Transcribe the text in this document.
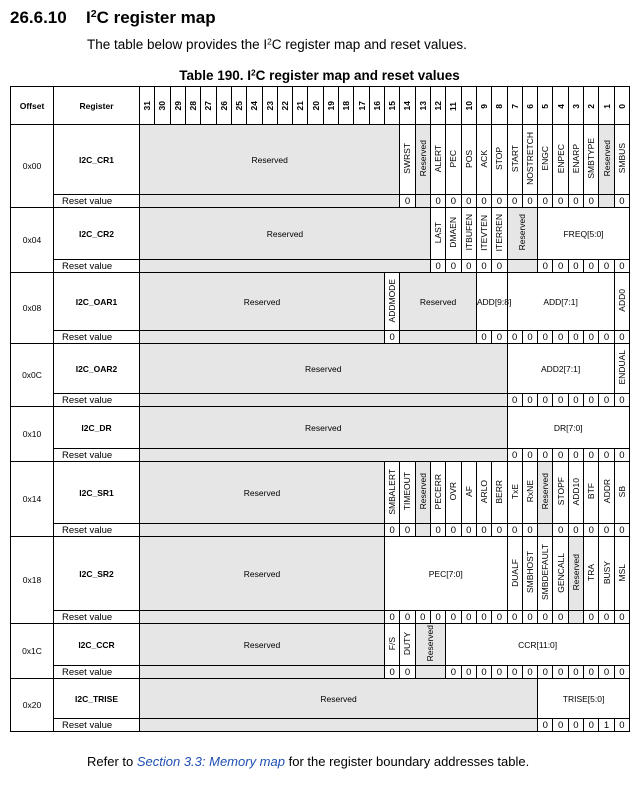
26.6.10 $I^2C$ register map
The table below provides the $I^2C$ register map and reset values.
Table 190. $I^2C$ register map and reset values
Offset	Register	31	30	29	28	27	26	25	24	23	22	21	20	19	18	17	16	15	14	13	12	11	10	9	8	7	6	5	4	3	2	1	0	
0x00	I2C_CR1	Reserved																	SWRST	Reserved	ALERT	PEC	POS	ACK	STOP	START	NOSTRETCH	ENGC	ENPEC	ENARP	SMBTYPE	Reserved	SMBUS	
	Reset value																		0		0	0	0	0	0	0	0	0	0	0	0		0	
0x04	I2C_CR2	Reserved																			LAST	DMAEN	ITBUFEN	ITEVTEN	ITERREN	Reserved		FREQ[5:0]						
	Reset value																				0	0	0	0	0			0	0	0	0	0	0	
0x08	I2C_OAR1	Reserved																ADDMODE	Reserved					ADD[9:8]		ADD[7:1]							ADD0	
	Reset value																	0						0	0	0	0	0	0	0	0	0	0	
0x0C	I2C_OAR2	Reserved																								ADD2[7:1]							ENDUAL	
	Reset value																									0	0	0	0	0	0	0	0	
0x10	I2C_DR	Reserved																								DR[7:0]								
	Reset value																									0	0	0	0	0	0	0	0	
0x14	I2C_SR1	Reserved																SMBALERT	TIMEOUT	Reserved	PECERR	OVR	AF	ARLO	BERR	TxE	RxNE	Reserved	STOPF	ADD10	BTF	ADDR	SB	
	Reset value																	0	0		0	0	0	0	0	0	0		0	0	0	0	0	
0x18	I2C_SR2	Reserved																PEC[7:0]								DUALF	SMBHOST	SMBDEFAULT	GENCALL	Reserved	TRA	BUSY	MSL	
	Reset value																	0	0	0	0	0	0	0	0	0	0	0	0		0	0	0	
0x1C	I2C_CCR	Reserved																F/S	DUTY	Reserved		CCR[11:0]												
	Reset value																	0	0			0	0	0	0	0	0	0	0	0	0	0	0	
0x20	I2C_TRISE	Reserved																										TRISE[5:0]						
	Reset value																											0	0	0	0	1	0	
Refer to Section 3.3: Memory map for the register boundary addresses table.
